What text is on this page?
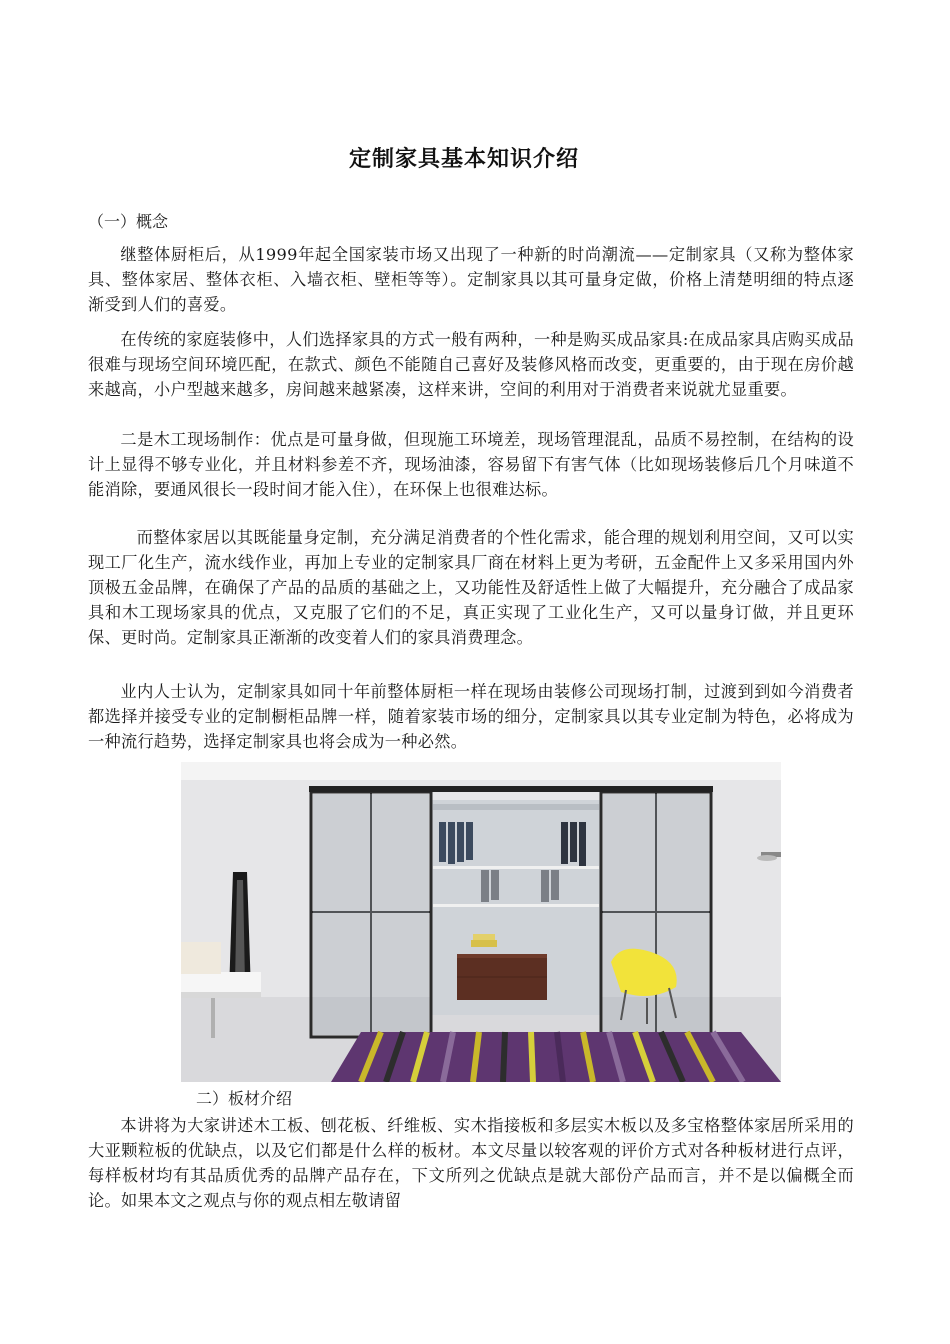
定制家具基本知识介绍
（一）概念

继整体厨柜后，从1999年起全国家装市场又出现了一种新的时尚潮流——定制家具（又称为整体家具、整体家居、整体衣柜、入墙衣柜、壁柜等等）。定制家具以其可量身定做，价格上清楚明细的特点逐渐受到人们的喜爱。

在传统的家庭装修中，人们选择家具的方式一般有两种，一种是购买成品家具:在成品家具店购买成品很难与现场空间环境匹配，在款式、颜色不能随自己喜好及装修风格而改变，更重要的，由于现在房价越来越高，小户型越来越多，房间越来越紧凑，这样来讲，空间的利用对于消费者来说就尤显重要。

二是木工现场制作：优点是可量身做，但现施工环境差，现场管理混乱，品质不易控制，在结构的设计上显得不够专业化，并且材料参差不齐，现场油漆，容易留下有害气体（比如现场装修后几个月味道不能消除，要通风很长一段时间才能入住），在环保上也很难达标。

而整体家居以其既能量身定制，充分满足消费者的个性化需求，能合理的规划利用空间，又可以实现工厂化生产，流水线作业，再加上专业的定制家具厂商在材料上更为考研，五金配件上又多采用国内外顶极五金品牌，在确保了产品的品质的基础之上，又功能性及舒适性上做了大幅提升，充分融合了成品家具和木工现场家具的优点，又克服了它们的不足，真正实现了工业化生产，又可以量身订做，并且更环保、更时尚。定制家具正渐渐的改变着人们的家具消费理念。

业内人士认为，定制家具如同十年前整体厨柜一样在现场由装修公司现场打制，过渡到到如今消费者都选择并接受专业的定制橱柜品牌一样，随着家装市场的细分，定制家具以其专业定制为特色，必将成为一种流行趋势，选择定制家具也将会成为一种必然。

二）板材介绍

本讲将为大家讲述木工板、刨花板、纤维板、实木指接板和多层实木板以及多宝格整体家居所采用的大亚颗粒板的优缺点，以及它们都是什么样的板材。本文尽量以较客观的评价方式对各种板材进行点评，每样板材均有其品质优秀的品牌产品存在，下文所列之优缺点是就大部份产品而言，并不是以偏概全而论。如果本文之观点与你的观点相左敬请留
